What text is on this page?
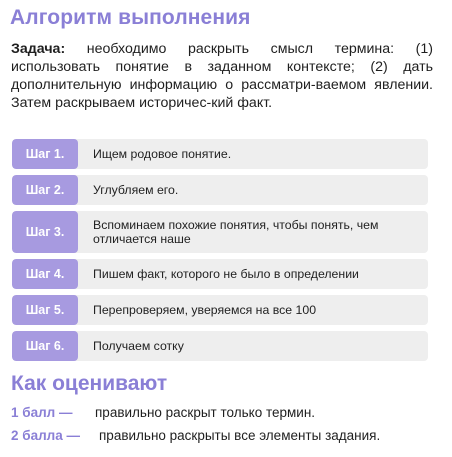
Алгоритм выполнения
Задача: необходимо раскрыть смысл термина: (1) использовать понятие в заданном контексте; (2) дать дополнительную информацию о рассматри-ваемом явлении. Затем раскрываем историчес-кий факт.
Шаг 1.	Ищем родовое понятие.
Шаг 2.	Углубляем его.
Шаг 3.	Вспоминаем похожие понятия, чтобы понять, чем отличается наше
Шаг 4.	Пишем факт, которого не было в определении
Шаг 5.	Перепроверяем, уверяемся на все 100
Шаг 6.	Получаем сотку
Как оценивают
1 балл — правильно раскрыт только термин.
2 балла — правильно раскрыты все элементы задания.
